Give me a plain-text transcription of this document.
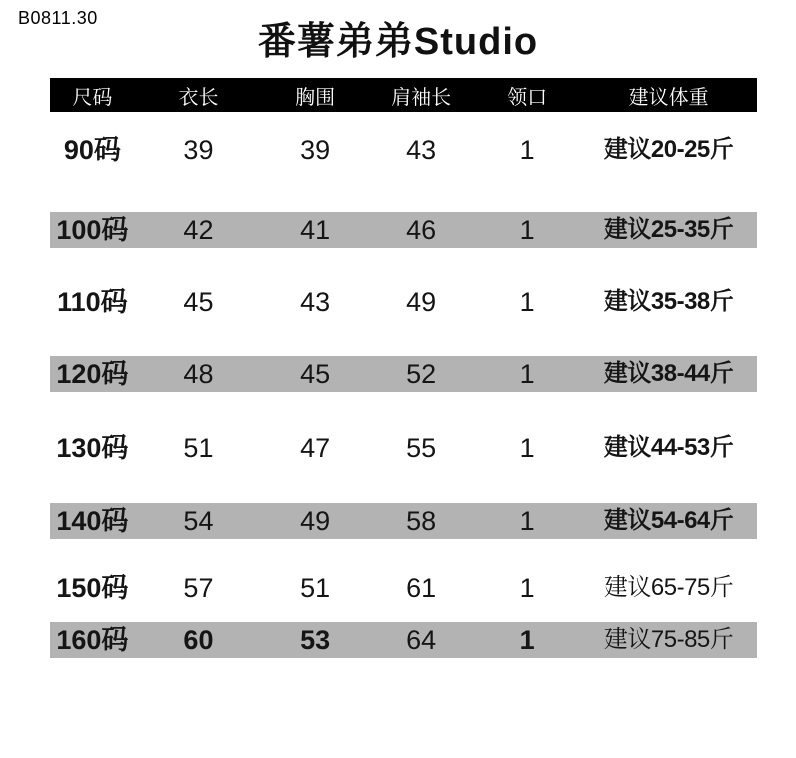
B0811.30
番薯弟弟Studio
尺码	衣长	胸围	肩袖长	领口	建议体重
90码	39	39	43	1	建议20-25斤
100码	42	41	46	1	建议25-35斤
110码	45	43	49	1	建议35-38斤
120码	48	45	52	1	建议38-44斤
130码	51	47	55	1	建议44-53斤
140码	54	49	58	1	建议54-64斤
150码	57	51	61	1	建议65-75斤
160码	60	53	64	1	建议75-85斤
